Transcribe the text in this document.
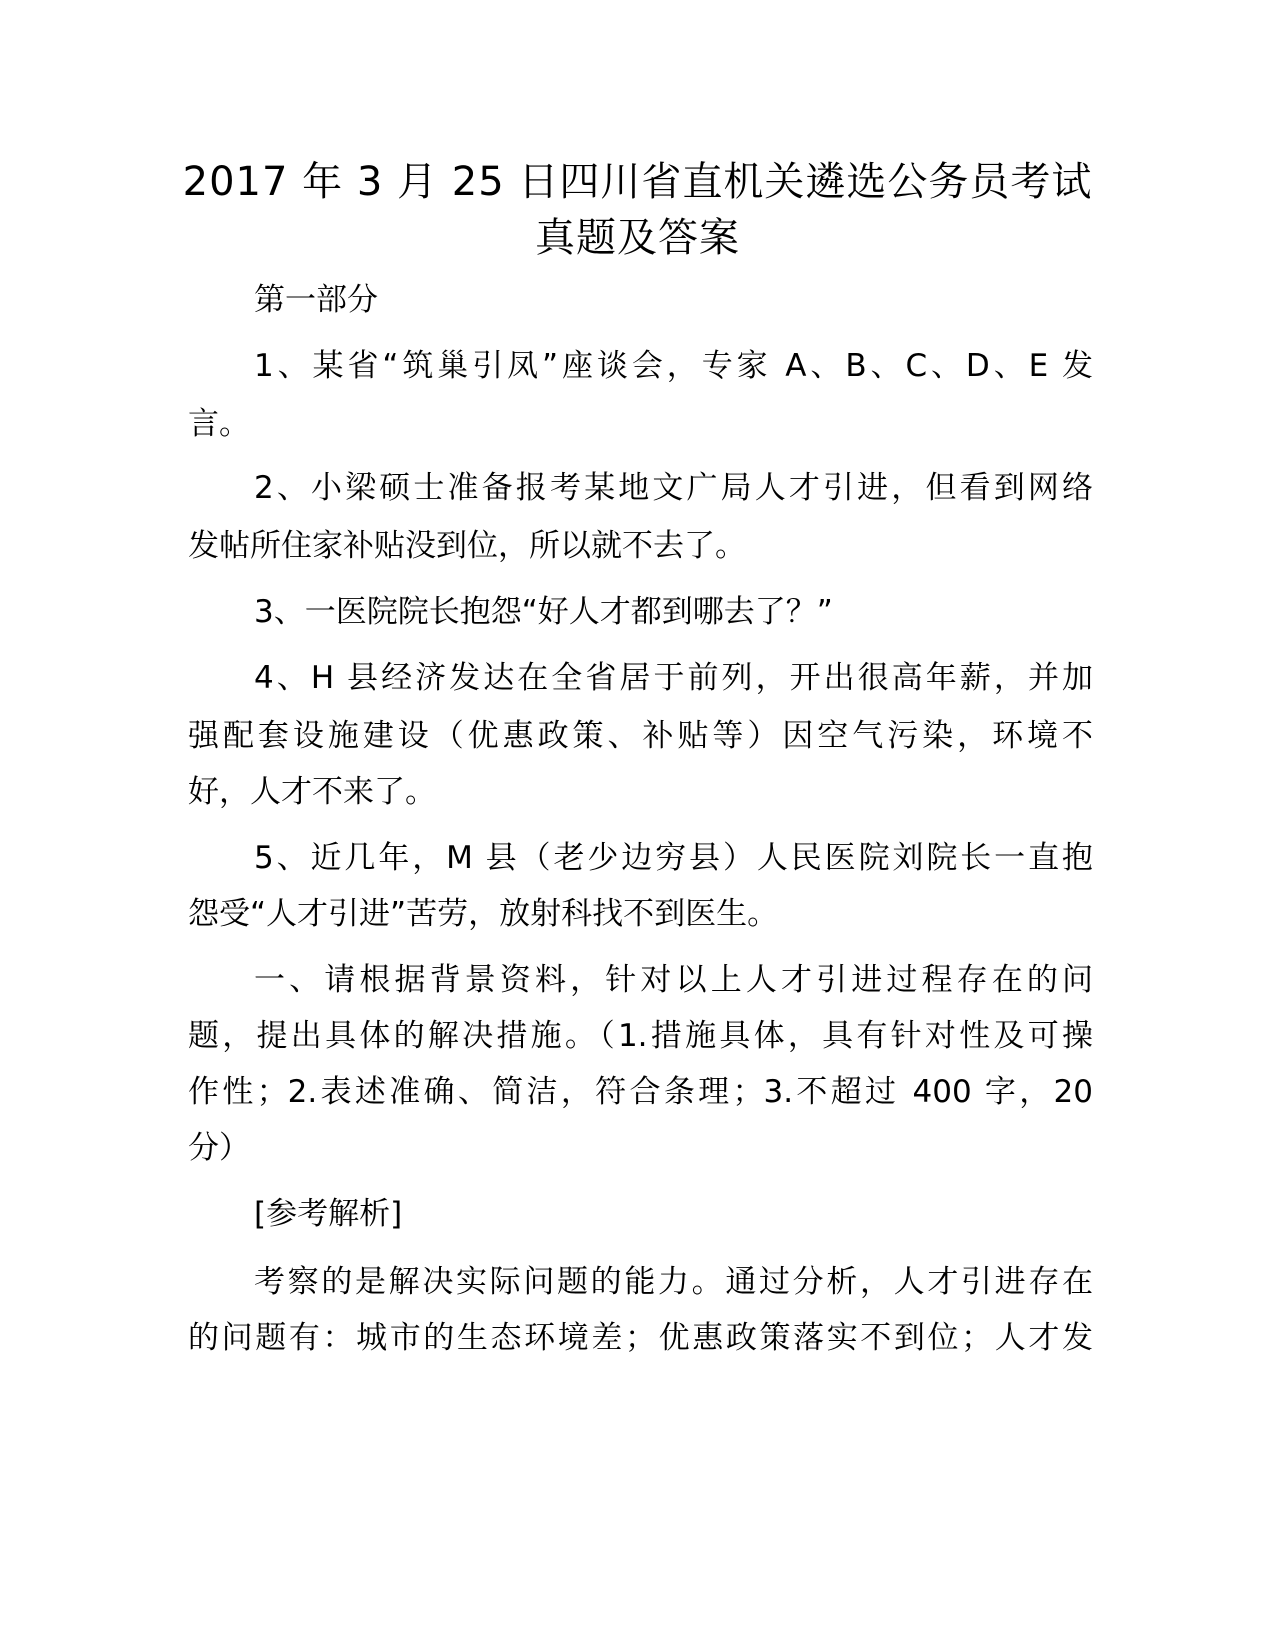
2017 年 3 月 25 日四川省直机关遴选公务员考试
真题及答案
第一部分
1、某省“筑巢引凤”座谈会，专家 A、B、C、D、E 发
言。
2、小梁硕士准备报考某地文广局人才引进，但看到网络
发帖所住家补贴没到位，所以就不去了。
3、一医院院长抱怨“好人才都到哪去了？”
4、H 县经济发达在全省居于前列，开出很高年薪，并加
强配套设施建设（优惠政策、补贴等）因空气污染，环境不
好，人才不来了。
5、近几年，M 县（老少边穷县）人民医院刘院长一直抱
怨受“人才引进”苦劳，放射科找不到医生。
一、请根据背景资料，针对以上人才引进过程存在的问
题，提出具体的解决措施。（1.措施具体，具有针对性及可操
作性；2.表述准确、简洁，符合条理；3.不超过 400 字，20
分）
[参考解析]
考察的是解决实际问题的能力。通过分析，人才引进存在
的问题有：城市的生态环境差；优惠政策落实不到位；人才发
